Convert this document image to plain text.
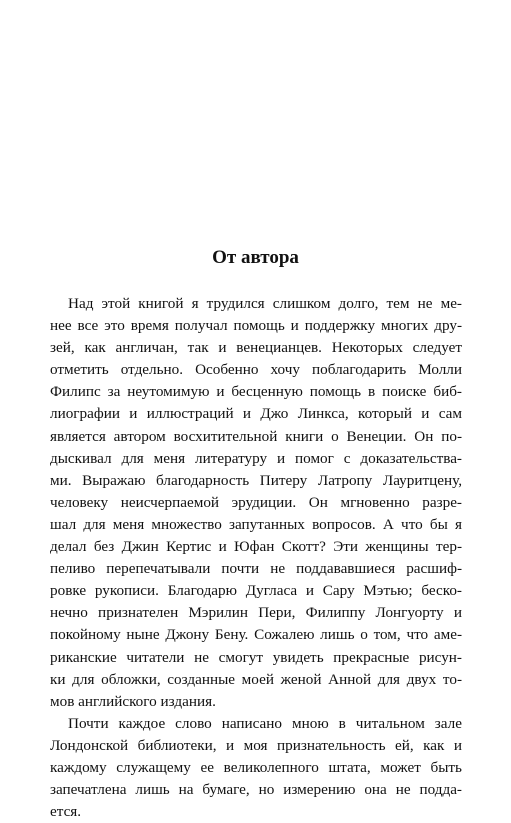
От автора
Над этой книгой я трудился слишком долго, тем не ме-
нее все это время получал помощь и поддержку многих дру-
зей, как англичан, так и венецианцев. Некоторых следует
отметить отдельно. Особенно хочу поблагодарить Молли
Филипс за неутомимую и бесценную помощь в поиске биб-
лиографии и иллюстраций и Джо Линкса, который и сам
является автором восхитительной книги о Венеции. Он по-
дыскивал для меня литературу и помог с доказательства-
ми. Выражаю благодарность Питеру Латропу Лауритцену,
человеку неисчерпаемой эрудиции. Он мгновенно разре-
шал для меня множество запутанных вопросов. А что бы я
делал без Джин Кертис и Юфан Скотт? Эти женщины тер-
пеливо перепечатывали почти не поддававшиеся расшиф-
ровке рукописи. Благодарю Дугласа и Сару Мэтью; беско-
нечно признателен Мэрилин Пери, Филиппу Лонгуорту и
покойному ныне Джону Бену. Сожалею лишь о том, что аме-
риканские читатели не смогут увидеть прекрасные рисун-
ки для обложки, созданные моей женой Анной для двух то-
мов английского издания.
Почти каждое слово написано мною в читальном зале
Лондонской библиотеки, и моя признательность ей, как и
каждому служащему ее великолепного штата, может быть
запечатлена лишь на бумаге, но измерению она не подда-
ется.
